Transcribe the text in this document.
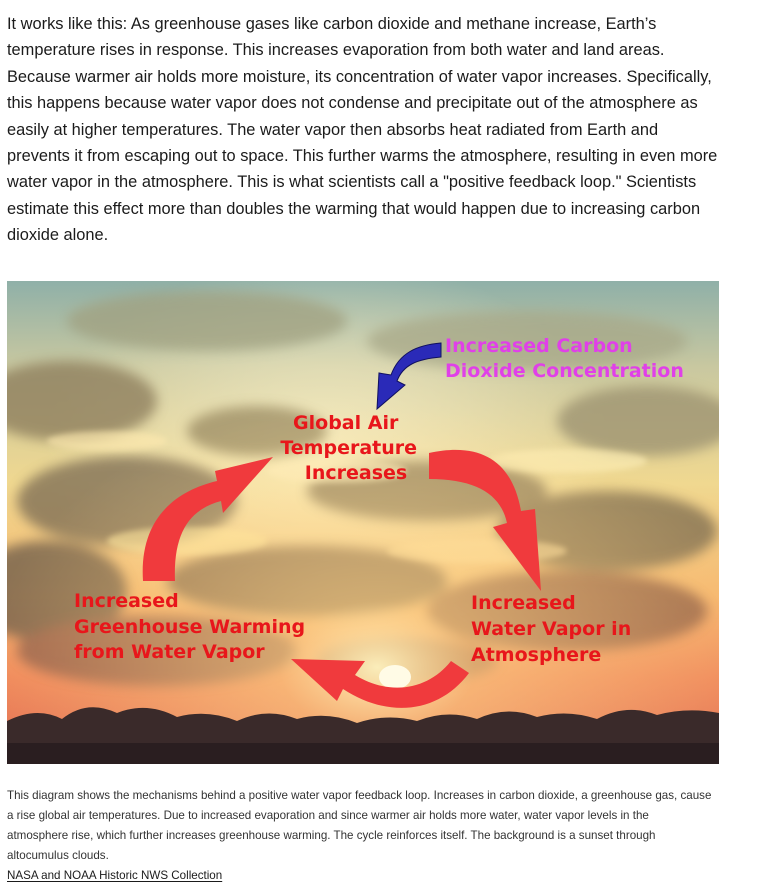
It works like this: As greenhouse gases like carbon dioxide and methane increase, Earth’s temperature rises in response. This increases evaporation from both water and land areas. Because warmer air holds more moisture, its concentration of water vapor increases. Specifically, this happens because water vapor does not condense and precipitate out of the atmosphere as easily at higher temperatures. The water vapor then absorbs heat radiated from Earth and prevents it from escaping out to space. This further warms the atmosphere, resulting in even more water vapor in the atmosphere. This is what scientists call a "positive feedback loop." Scientists estimate this effect more than doubles the warming that would happen due to increasing carbon dioxide alone.

Increased Carbon Dioxide Concentration
Global Air Temperature Increases
Increased Water Vapor in Atmosphere
Increased Greenhouse Warming from Water Vapor

This diagram shows the mechanisms behind a positive water vapor feedback loop. Increases in carbon dioxide, a greenhouse gas, cause a rise global air temperatures. Due to increased evaporation and since warmer air holds more water, water vapor levels in the atmosphere rise, which further increases greenhouse warming. The cycle reinforces itself. The background is a sunset through altocumulus clouds.

NASA and NOAA Historic NWS Collection
